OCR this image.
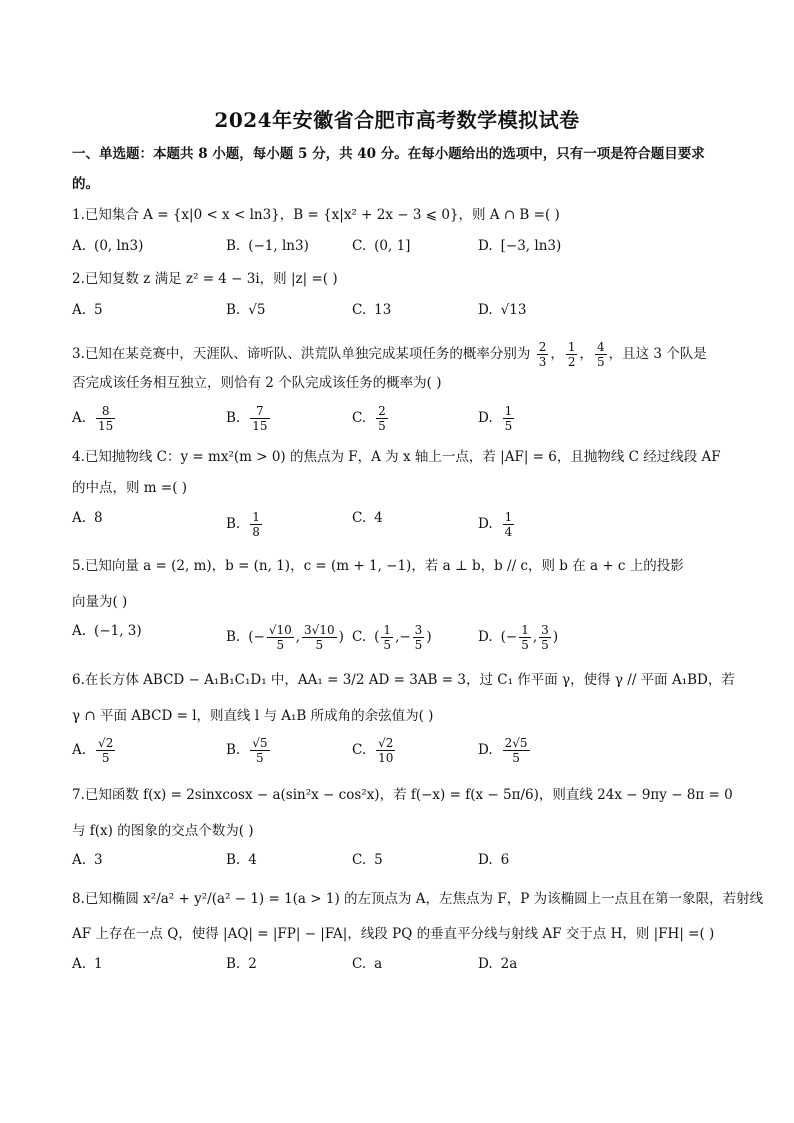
2024年安徽省合肥市高考数学模拟试卷
一、单选题：本题共 8 小题，每小题 5 分，共 40 分。在每小题给出的选项中，只有一项是符合题目要求
的。
1.已知集合 A = {x|0 < x < ln3}，B = {x|x² + 2x − 3 ⩽ 0}，则 A ∩ B =( )
A. (0, ln3)	B. (−1, ln3)	C. (0, 1]	D. [−3, ln3)
2.已知复数 z 满足 z² = 4 − 3i，则 |z| =( )
A. 5	B. √5	C. 13	D. √13
3.已知在某竞赛中，天涯队、谛听队、洪荒队单独完成某项任务的概率分别为 $\frac{2}{3}$ ， $\frac{1}{2}$ ， $\frac{4}{5}$ ，且这 3 个队是
否完成该任务相互独立，则恰有 2 个队完成该任务的概率为( )
A. $\frac{8}{15}$	B. $\frac{7}{15}$	C. $\frac{2}{5}$	D. $\frac{1}{5}$
4.已知抛物线 C：y = mx²(m > 0) 的焦点为 F，A 为 x 轴上一点，若 |AF| = 6，且抛物线 C 经过线段 AF
的中点，则 m =( )
A. 8	B. $\frac{1}{8}$	C. 4	D. $\frac{1}{4}$
5.已知向量 a = (2, m)，b = (n, 1)，c = (m + 1, −1)，若 a ⊥ b，b // c，则 b 在 a + c 上的投影
向量为( )
A. (−1, 3)	B. (− $\frac{√10}{5}$ , $\frac{3√10}{5}$ ) C. ( $\frac{1}{5}$ ,− $\frac{3}{5}$ )	D. (− $\frac{1}{5}$ , $\frac{3}{5}$ )
6.在长方体 ABCD − A₁B₁C₁D₁ 中，AA₁ = 3/2 AD = 3AB = 3，过 C₁ 作平面 γ，使得 γ // 平面 A₁BD，若
γ ∩ 平面 ABCD = l，则直线 l 与 A₁B 所成角的余弦值为( )
A. $\frac{√2}{5}$	B. $\frac{√5}{5}$	C. $\frac{√2}{10}$	D. $\frac{2√5}{5}$
7.已知函数 f(x) = 2sinxcosx − a(sin²x − cos²x)，若 f(−x) = f(x − 5π/6)，则直线 24x − 9πy − 8π = 0
与 f(x) 的图象的交点个数为( )
A. 3	B. 4	C. 5	D. 6
8.已知椭圆 x²/a² + y²/(a² − 1) = 1(a > 1) 的左顶点为 A，左焦点为 F，P 为该椭圆上一点且在第一象限，若射线
AF 上存在一点 Q，使得 |AQ| = |FP| − |FA|，线段 PQ 的垂直平分线与射线 AF 交于点 H，则 |FH| =( )
A. 1	B. 2	C. a	D. 2a
